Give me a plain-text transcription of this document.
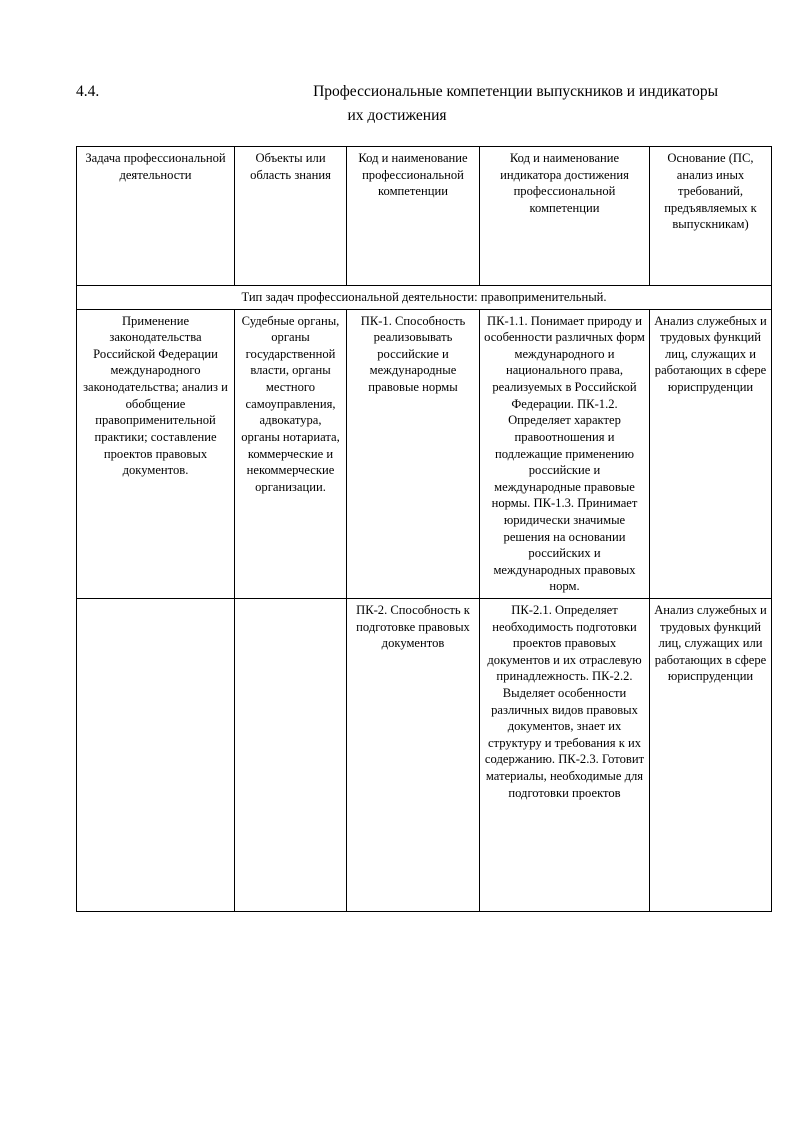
4.4.	Профессиональные компетенции выпускников и индикаторы
их достижения
Задача профессиональной деятельности	Объекты или область знания	Код и наименование профессиональной компетенции	Код и наименование индикатора достижения профессиональной компетенции	Основание (ПС, анализ иных требований, предъявляемых к выпускникам)
Тип задач профессиональной деятельности: правоприменительный.				
Применение законодательства Российской Федерации международного законодательства; анализ и обобщение правоприменительной практики; составление проектов правовых документов.	Судебные органы, органы государственной власти, органы местного самоуправления, адвокатура, органы нотариата, коммерческие и некоммерческие организации.	ПК-1. Способность реализовывать российские и международные правовые нормы	ПК-1.1. Понимает природу и особенности различных форм международного и национального права, реализуемых в Российской Федерации. ПК-1.2. Определяет характер правоотношения и подлежащие применению российские и международные правовые нормы. ПК-1.3. Принимает юридически значимые решения на основании российских и международных правовых норм.	Анализ служебных и трудовых функций лиц, служащих и работающих в сфере юриспруденции
		ПК-2. Способность к подготовке правовых документов	ПК-2.1. Определяет необходимость подготовки проектов правовых документов и их отраслевую принадлежность. ПК-2.2. Выделяет особенности различных видов правовых документов, знает их структуру и требования к их содержанию. ПК-2.3. Готовит материалы, необходимые для подготовки проектов	Анализ служебных и трудовых функций лиц, служащих или работающих в сфере юриспруденции
